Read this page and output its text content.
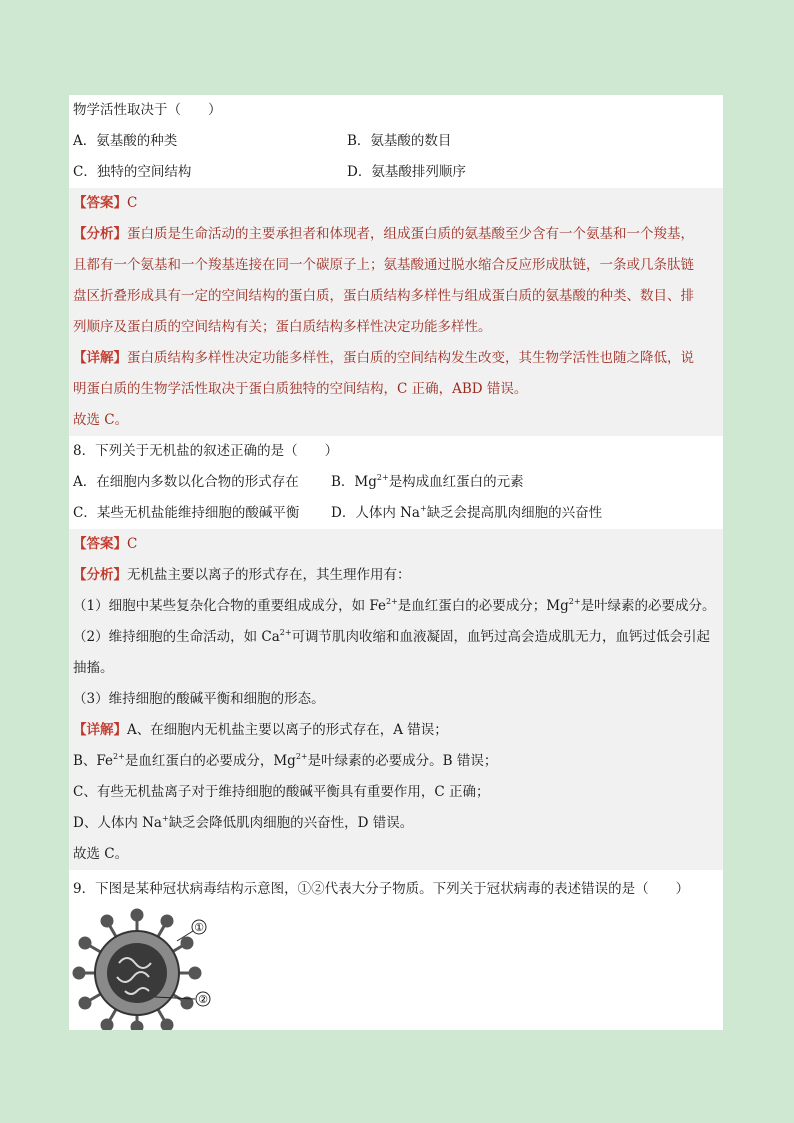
物学活性取决于（　　）
A．氨基酸的种类	B．氨基酸的数目
C．独特的空间结构	D．氨基酸排列顺序
【答案】C
【分析】蛋白质是生命活动的主要承担者和体现者，组成蛋白质的氨基酸至少含有一个氨基和一个羧基，
且都有一个氨基和一个羧基连接在同一个碳原子上；氨基酸通过脱水缩合反应形成肽链，一条或几条肽链
盘区折叠形成具有一定的空间结构的蛋白质，蛋白质结构多样性与组成蛋白质的氨基酸的种类、数目、排
列顺序及蛋白质的空间结构有关；蛋白质结构多样性决定功能多样性。
【详解】蛋白质结构多样性决定功能多样性，蛋白质的空间结构发生改变，其生物学活性也随之降低，说
明蛋白质的生物学活性取决于蛋白质独特的空间结构，C 正确，ABD 错误。
故选 C。
8．下列关于无机盐的叙述正确的是（　　）
A．在细胞内多数以化合物的形式存在 B．$Mg^{2+}$是构成血红蛋白的元素
C．某些无机盐能维持细胞的酸碱平衡 D．人体内 Na+缺乏会提高肌肉细胞的兴奋性
【答案】C
【分析】无机盐主要以离子的形式存在，其生理作用有：
（1）细胞中某些复杂化合物的重要组成成分，如 $Fe^{2+}$是血红蛋白的必要成分；$Mg^{2+}$是叶绿素的必要成分。
（2）维持细胞的生命活动，如 $Ca^{2+}$可调节肌肉收缩和血液凝固，血钙过高会造成肌无力，血钙过低会引起
抽搐。
（3）维持细胞的酸碱平衡和细胞的形态。
【详解】A、在细胞内无机盐主要以离子的形式存在，A 错误；
B、$Fe^{2+}$是血红蛋白的必要成分，$Mg^{2+}$是叶绿素的必要成分。B 错误；
C、有些无机盐离子对于维持细胞的酸碱平衡具有重要作用，C 正确；
D、人体内 Na+缺乏会降低肌肉细胞的兴奋性，D 错误。
故选 C。
9．下图是某种冠状病毒结构示意图，①②代表大分子物质。下列关于冠状病毒的表述错误的是（　　）
①
②
